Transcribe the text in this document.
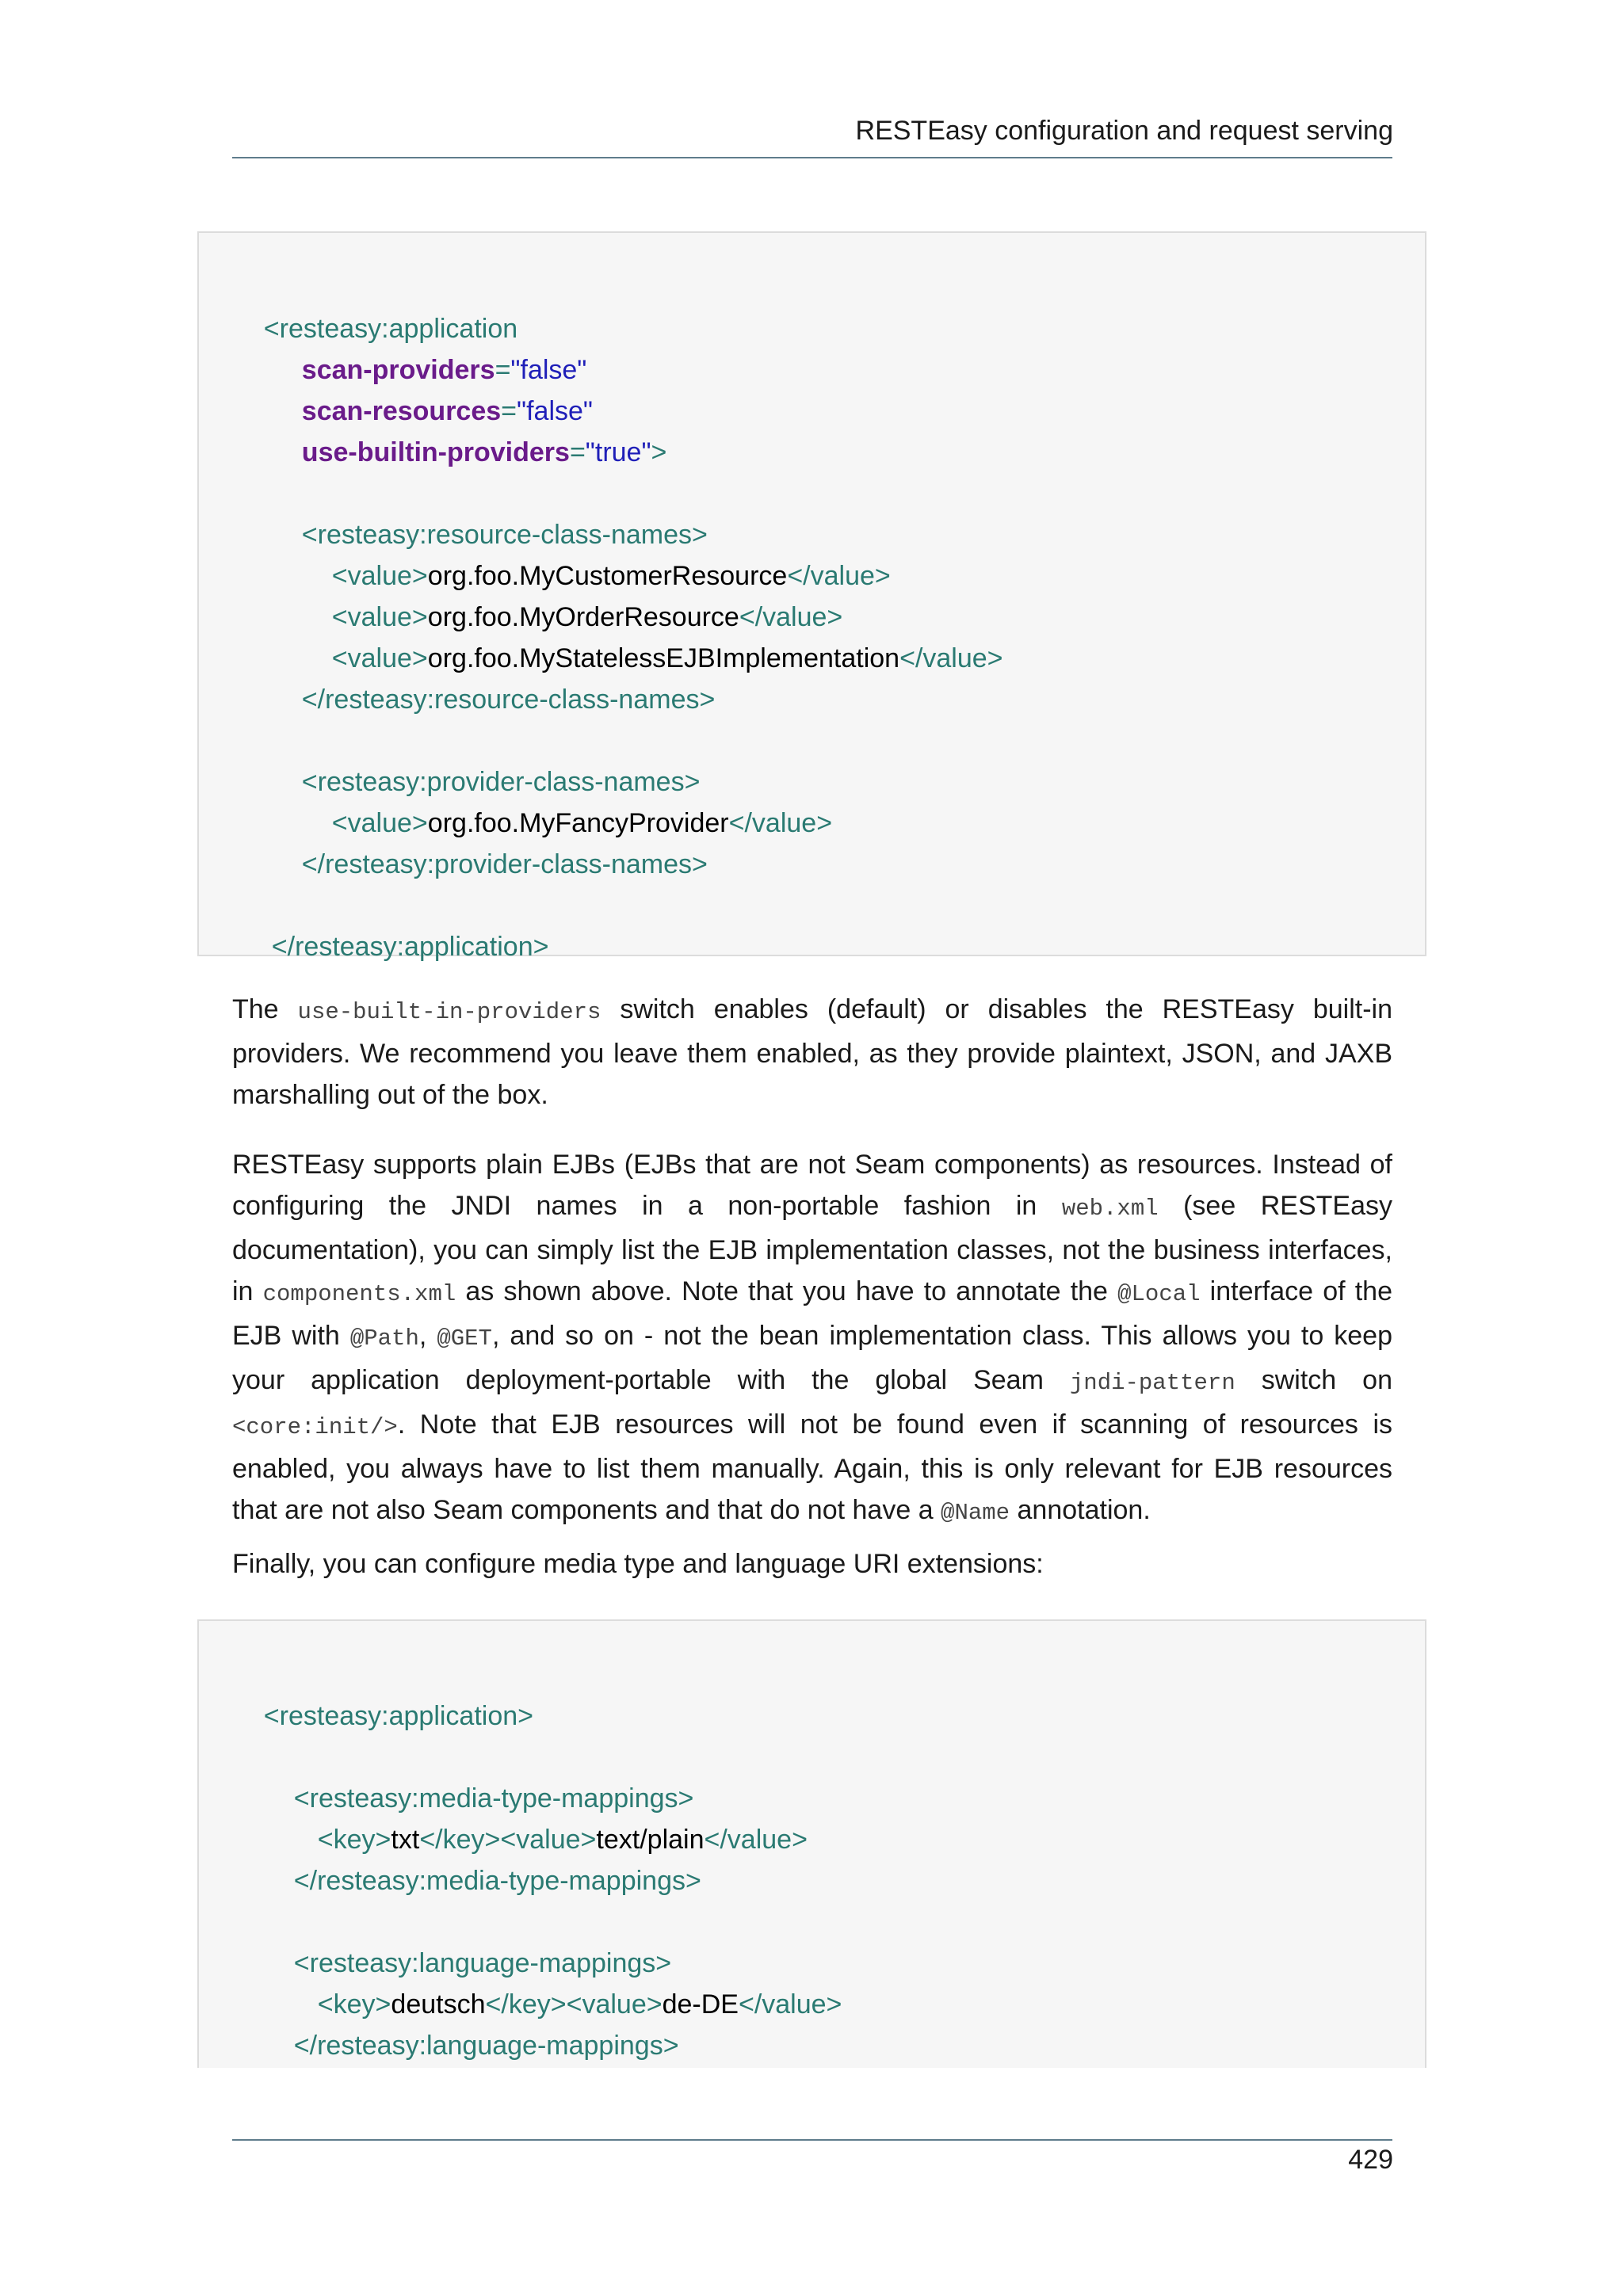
RESTEasy configuration and request serving

<resteasy:application

scan-providers="false"

scan-resources="false"

use-builtin-providers="true">

<resteasy:resource-class-names>

<value>org.foo.MyCustomerResource</value>

<value>org.foo.MyOrderResource</value>

<value>org.foo.MyStatelessEJBImplementation</value>

</resteasy:resource-class-names>

<resteasy:provider-class-names>

<value>org.foo.MyFancyProvider</value>

</resteasy:provider-class-names>

</resteasy:application>

The use-built-in-providers switch enables (default) or disables the RESTEasy built-in providers. We recommend you leave them enabled, as they provide plaintext, JSON, and JAXB marshalling out of the box.
RESTEasy supports plain EJBs (EJBs that are not Seam components) as resources. Instead of configuring the JNDI names in a non-portable fashion in web.xml (see RESTEasy documentation), you can simply list the EJB implementation classes, not the business interfaces, in components.xml as shown above. Note that you have to annotate the @Local interface of the EJB with @Path, @GET, and so on - not the bean implementation class. This allows you to keep your application deployment-portable with the global Seam jndi-pattern switch on <core:init/>. Note that EJB resources will not be found even if scanning of resources is enabled, you always have to list them manually. Again, this is only relevant for EJB resources that are not also Seam components and that do not have a @Name annotation.
Finally, you can configure media type and language URI extensions:

<resteasy:application>

<resteasy:media-type-mappings>

<key>txt</key><value>text/plain</value>

</resteasy:media-type-mappings>

<resteasy:language-mappings>

<key>deutsch</key><value>de-DE</value>

</resteasy:language-mappings>

429
